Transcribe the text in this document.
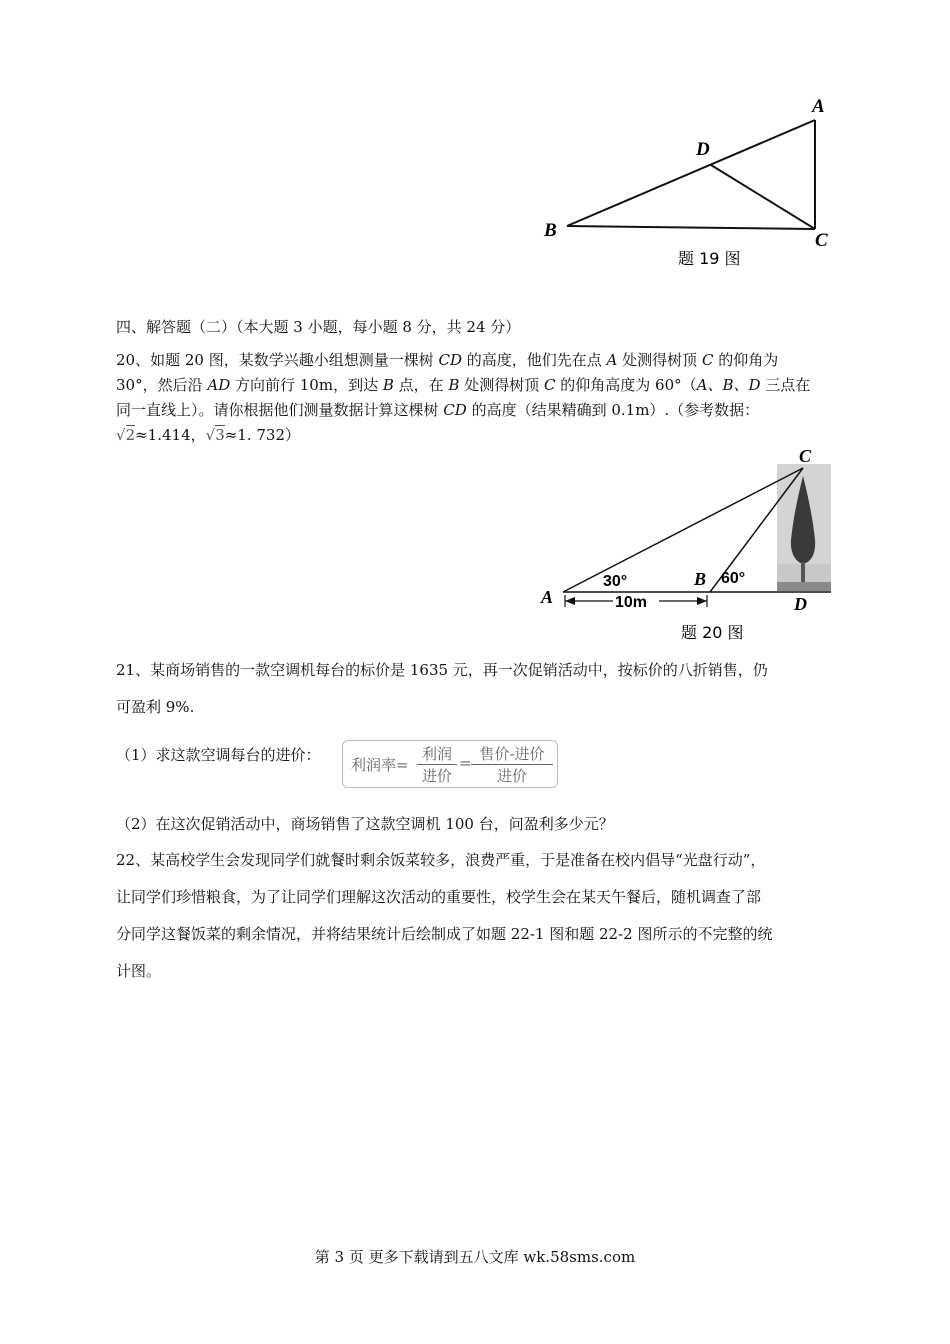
A
D
B	C
题 19 图
四、解答题（二）（本大题 3 小题，每小题 8 分，共 24 分）
20、如题 20 图，某数学兴趣小组想测量一棵树 CD 的高度，他们先在点 A 处测得树顶 C 的仰角为
30°，然后沿 AD 方向前行 10m，到达 B 点，在 B 处测得树顶 C 的仰角高度为 60°（A、B、D 三点在
同一直线上）。请你根据他们测量数据计算这棵树 CD 的高度（结果精确到 0.1m）.（参考数据：
√2≈1.414，√3≈1. 732）
10m
C
A
B
D
30°	60°
题 20 图
21、某商场销售的一款空调机每台的标价是 1635 元，再一次促销活动中，按标价的八折销售，仍
可盈利 9%.
（1）求这款空调每台的进价：
利润率=
利润
进价
= 售价-进价
进价
（2）在这次促销活动中，商场销售了这款空调机 100 台，问盈利多少元？
22、某高校学生会发现同学们就餐时剩余饭菜较多，浪费严重，于是准备在校内倡导“光盘行动”，
让同学们珍惜粮食，为了让同学们理解这次活动的重要性，校学生会在某天午餐后，随机调查了部
分同学这餐饭菜的剩余情况，并将结果统计后绘制成了如题 22-1 图和题 22-2 图所示的不完整的统
计图。
第 3 页 更多下载请到五八文库 wk.58sms.com
